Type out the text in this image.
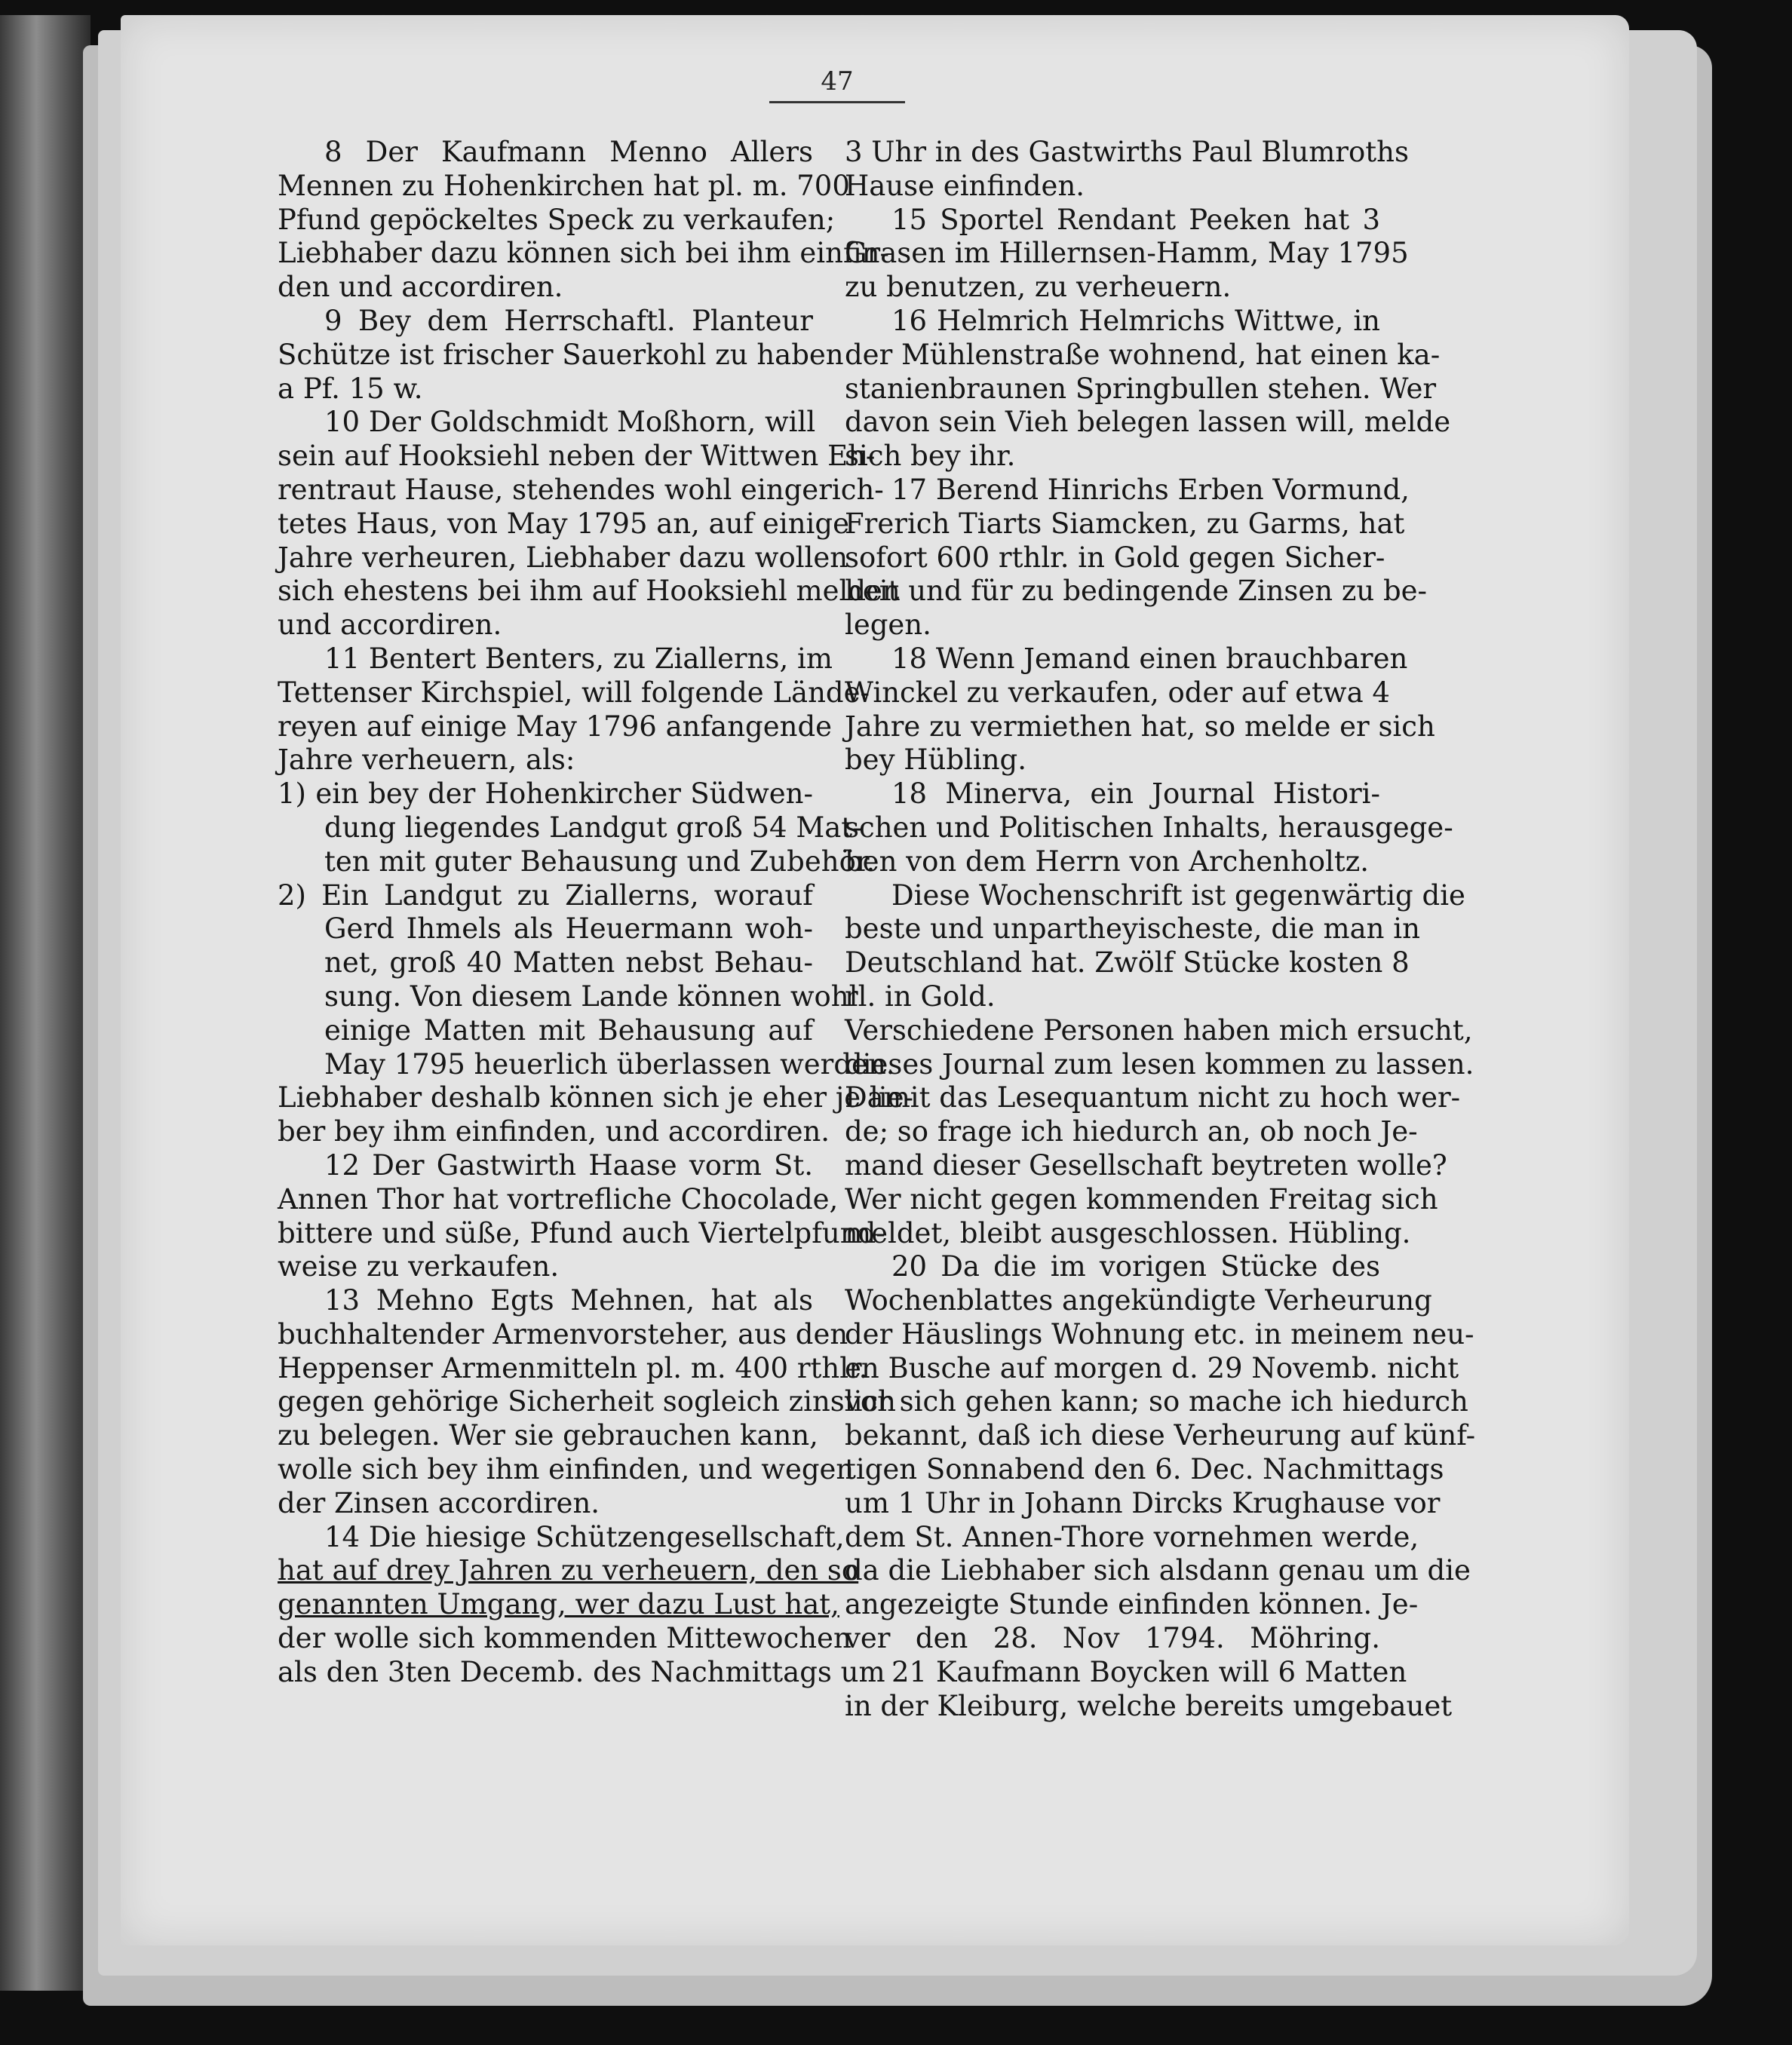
47
8 Der Kaufmann Menno Allers
Mennen zu Hohenkirchen hat pl. m. 700
Pfund gepöckeltes Speck zu verkaufen;
Liebhaber dazu können sich bei ihm einfin-
den und accordiren.
9 Bey dem Herrschaftl. Planteur
Schütze ist frischer Sauerkohl zu haben
a Pf. 15 w.
10 Der Goldschmidt Moßhorn, will
sein auf Hooksiehl neben der Wittwen Eh-
rentraut Hause, stehendes wohl eingerich-
tetes Haus, von May 1795 an, auf einige
Jahre verheuren, Liebhaber dazu wollen
sich ehestens bei ihm auf Hooksiehl melden
und accordiren.
11 Bentert Benters, zu Ziallerns, im
Tettenser Kirchspiel, will folgende Lände-
reyen auf einige May 1796 anfangende
Jahre verheuern, als:
1) ein bey der Hohenkircher Südwen-
dung liegendes Landgut groß 54 Mat-
ten mit guter Behausung und Zubehör.
2) Ein Landgut zu Ziallerns, worauf
Gerd Ihmels als Heuermann woh-
net, groß 40 Matten nebst Behau-
sung. Von diesem Lande können wohl
einige Matten mit Behausung auf
May 1795 heuerlich überlassen werden.
Liebhaber deshalb können sich je eher je lie-
ber bey ihm einfinden, und accordiren.
12 Der Gastwirth Haase vorm St.
Annen Thor hat vortrefliche Chocolade,
bittere und süße, Pfund auch Viertelpfund-
weise zu verkaufen.
13 Mehno Egts Mehnen, hat als
buchhaltender Armenvorsteher, aus den
Heppenser Armenmitteln pl. m. 400 rthlr.
gegen gehörige Sicherheit sogleich zinslich
zu belegen. Wer sie gebrauchen kann,
wolle sich bey ihm einfinden, und wegen
der Zinsen accordiren.
14 Die hiesige Schützengesellschaft,
hat auf drey Jahren zu verheuern, den so
genannten Umgang, wer dazu Lust hat,
der wolle sich kommenden Mittewochen
als den 3ten Decemb. des Nachmittags um
3 Uhr in des Gastwirths Paul Blumroths
Hause einfinden.
15 Sportel Rendant Peeken hat 3
Grasen im Hillernsen-Hamm, May 1795
zu benutzen, zu verheuern.
16 Helmrich Helmrichs Wittwe, in
der Mühlenstraße wohnend, hat einen ka-
stanienbraunen Springbullen stehen. Wer
davon sein Vieh belegen lassen will, melde
sich bey ihr.
17 Berend Hinrichs Erben Vormund,
Frerich Tiarts Siamcken, zu Garms, hat
sofort 600 rthlr. in Gold gegen Sicher-
heit und für zu bedingende Zinsen zu be-
legen.
18 Wenn Jemand einen brauchbaren
Winckel zu verkaufen, oder auf etwa 4
Jahre zu vermiethen hat, so melde er sich
bey Hübling.
18 Minerva, ein Journal Histori-
schen und Politischen Inhalts, herausgege-
ben von dem Herrn von Archenholtz.
Diese Wochenschrift ist gegenwärtig die
beste und unpartheyischeste, die man in
Deutschland hat. Zwölf Stücke kosten 8
rl. in Gold.
Verschiedene Personen haben mich ersucht,
dieses Journal zum lesen kommen zu lassen.
Damit das Lesequantum nicht zu hoch wer-
de; so frage ich hiedurch an, ob noch Je-
mand dieser Gesellschaft beytreten wolle?
Wer nicht gegen kommenden Freitag sich
meldet, bleibt ausgeschlossen. Hübling.
20 Da die im vorigen Stücke des
Wochenblattes angekündigte Verheurung
der Häuslings Wohnung etc. in meinem neu-
en Busche auf morgen d. 29 Novemb. nicht
vor sich gehen kann; so mache ich hiedurch
bekannt, daß ich diese Verheurung auf künf-
tigen Sonnabend den 6. Dec. Nachmittags
um 1 Uhr in Johann Dircks Krughause vor
dem St. Annen-Thore vornehmen werde,
da die Liebhaber sich alsdann genau um die
angezeigte Stunde einfinden können. Je-
ver den 28. Nov 1794. Möhring.
21 Kaufmann Boycken will 6 Matten
in der Kleiburg, welche bereits umgebauet
